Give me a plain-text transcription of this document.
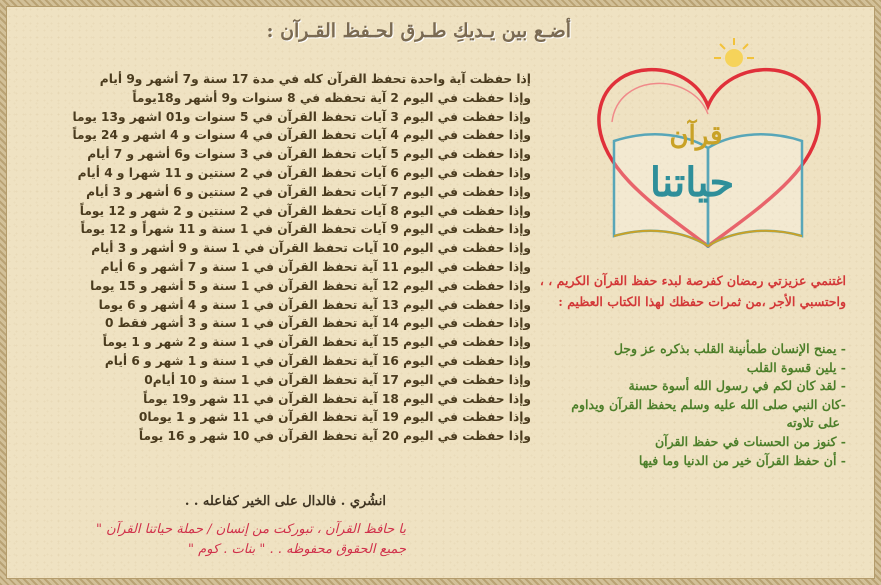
أضـع بين يـديكِ طـرق لحـفظ القـرآن :
إذا حفظت آية واحدة تحفظ القرآن كله في مدة 17 سنة و7 أشهر و9 أيام
وإذا حفظت في اليوم 2 آية تحفظه في 8 سنوات و9 أشهر و18يوماً
وإذا حفظت في اليوم 3 آيات تحفظ القرآن في 5 سنوات و01 اشهر و13 يوما
وإذا حفظت في اليوم 4 آيات تحفظ القرآن في 4 سنوات و 4 اشهر و 24 يوماً
وإذا حفظت في اليوم 5 آيات تحفظ القرآن في 3 سنوات و6 أشهر و 7 أيام
وإذا حفظت في اليوم 6 آيات تحفظ القرآن في 2 سنتين و 11 شهرا و 4 أيام
وإذا حفظت في اليوم 7 آيات تحفظ القرآن في 2 سنتين و 6 أشهر و 3 أيام
وإذا حفظت في اليوم 8 آيات تحفظ القرآن في 2 سنتين و 2 شهر و 12 يوماً
وإذا حفظت في اليوم 9 آيات تحفظ القرآن في 1 سنة و 11 شهراً و 12 يوماً
وإذا حفظت في اليوم 10 آيات تحفظ القرآن في 1 سنة و 9 أشهر و 3 أيام
وإذا حفظت في اليوم 11 آية تحفظ القرآن في 1 سنة و 7 أشهر و 6 أيام
وإذا حفظت في اليوم 12 آية تحفظ القرآن في 1 سنة و 5 أشهر و 15 يوما
وإذا حفظت في اليوم 13 آية تحفظ القرآن في 1 سنة و 4 أشهر و 6 يوما
وإذا حفظت في اليوم 14 آية تحفظ القرآن في 1 سنة و 3 أشهر فقط 0
وإذا حفظت في اليوم 15 آية تحفظ القرآن في 1 سنة و 2 شهر و 1 يوماً
وإذا حفظت في اليوم 16 آية تحفظ القرآن في 1 سنة و 1 شهر و 6 أيام
وإذا حفظت في اليوم 17 آية تحفظ القرآن في 1 سنة و 10 أيام0
وإذا حفظت في اليوم 18 آية تحفظ القرآن في 11 شهر و19 يوماً
وإذا حفظت في اليوم 19 آية تحفظ القرآن في 11 شهر و 1 يوما0
وإذا حفظت في اليوم 20 آية تحفظ القرآن في 10 شهر و 16 يوماً
انشُري . فالدال على الخير كفاعله . .
يا حافظ القرآن ، تبوركت من إنسان / حملة حياتنا القرآن "
جميع الحقوق محفوظه . . " بنات . كوم "
قرآن
حياتنا
اغتنمي عزيزتي رمضان كفرصة لبدء حفظ القرآن الكريم ، ،
واحتسبي الأجر ،من ثمرات حفظك لهذا الكتاب العظيم :
- يمنح الإنسان طمأنينة القلب بذكره عز وجل
- يلين قسوة القلب
- لقد كان لكم في رسول الله أسوة حسنة
-كان النبي صلى الله عليه وسلم يحفظ القرآن ويداوم
على تلاوته
- كنوز من الحسنات في حفظ القرآن
- أن حفظ القرآن خير من الدنيا وما فيها
